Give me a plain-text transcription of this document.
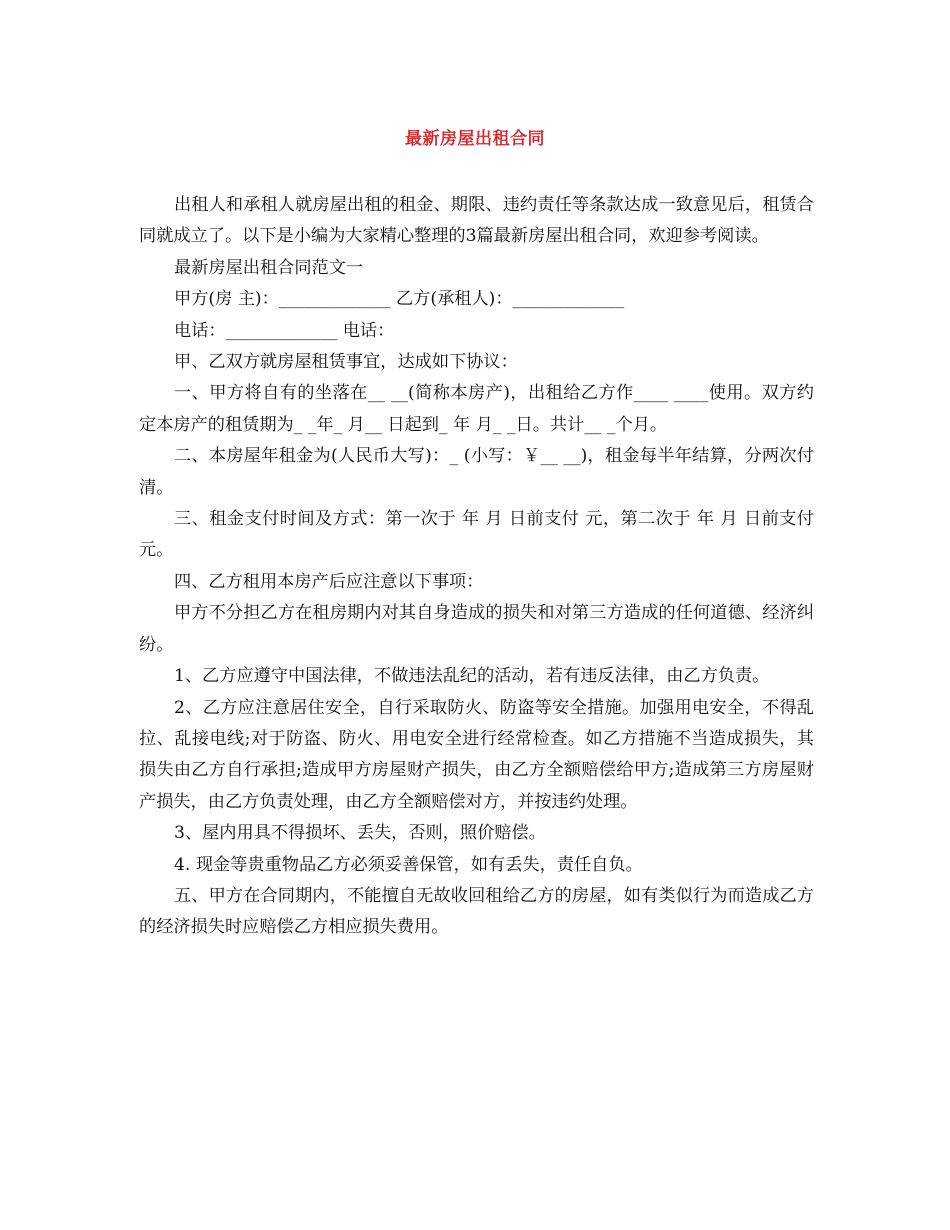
最新房屋出租合同

出租人和承租人就房屋出租的租金、期限、违约责任等条款达成一致意见后，租赁合同就成立了。以下是小编为大家精心整理的3篇最新房屋出租合同，欢迎参考阅读。

最新房屋出租合同范文一

甲方(房 主)：_____________ 乙方(承租人)：_____________

电话：_____________ 电话：

甲、乙双方就房屋租赁事宜，达成如下协议：

一、甲方将自有的坐落在__ __(简称本房产)，出租给乙方作____ ____使用。双方约定本房产的租赁期为_ _年_ 月__ 日起到_ 年 月_ _日。共计__ _个月。

二、本房屋年租金为(人民币大写)：_ (小写：￥__ __)，租金每半年结算，分两次付清。

三、租金支付时间及方式：第一次于 年 月 日前支付 元，第二次于 年 月 日前支付 元。

四、乙方租用本房产后应注意以下事项：

甲方不分担乙方在租房期内对其自身造成的损失和对第三方造成的任何道德、经济纠纷。

1、乙方应遵守中国法律，不做违法乱纪的活动，若有违反法律，由乙方负责。

2、乙方应注意居住安全，自行采取防火、防盗等安全措施。加强用电安全，不得乱拉、乱接电线;对于防盗、防火、用电安全进行经常检查。如乙方措施不当造成损失，其损失由乙方自行承担;造成甲方房屋财产损失，由乙方全额赔偿给甲方;造成第三方房屋财产损失，由乙方负责处理，由乙方全额赔偿对方，并按违约处理。

3、屋内用具不得损坏、丢失，否则，照价赔偿。

4. 现金等贵重物品乙方必须妥善保管，如有丢失，责任自负。

五、甲方在合同期内，不能擅自无故收回租给乙方的房屋，如有类似行为而造成乙方的经济损失时应赔偿乙方相应损失费用。
